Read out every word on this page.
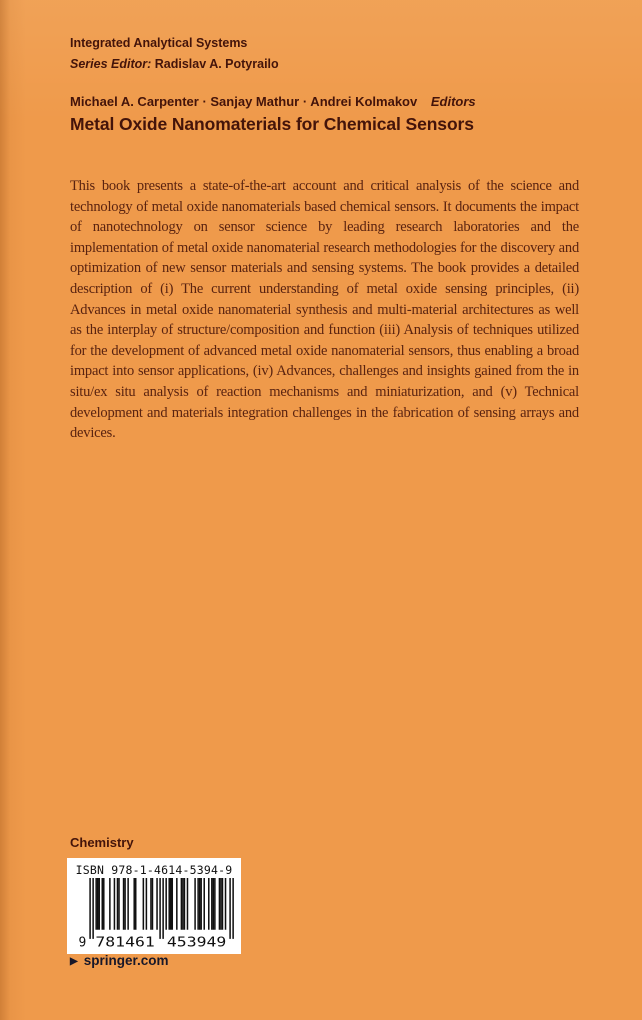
Integrated Analytical Systems
Series Editor: Radislav A. Potyrailo
Michael A. Carpenter · Sanjay Mathur · Andrei Kolmakov Editors
Metal Oxide Nanomaterials for Chemical Sensors

This book presents a state-of-the-art account and critical analysis of the science and technology of metal oxide nanomaterials based chemical sensors. It documents the impact of nanotechnology on sensor science by leading research laboratories and the implementation of metal oxide nanomaterial research methodologies for the discovery and optimization of new sensor materials and sensing systems. The book provides a detailed description of (i) The current understanding of metal oxide sensing principles, (ii) Advances in metal oxide nanomaterial synthesis and multi-material architectures as well as the interplay of structure/composition and function (iii) Analysis of techniques utilized for the development of advanced metal oxide nanomaterial sensors, thus enabling a broad impact into sensor applications, (iv) Advances, challenges and insights gained from the in situ/ex situ analysis of reaction mechanisms and miniaturization, and (v) Technical development and materials integration challenges in the fabrication of sensing arrays and devices.

Chemistry
ISBN 978-1-4614-5394-9
9 781461 453949
▶ springer.com
